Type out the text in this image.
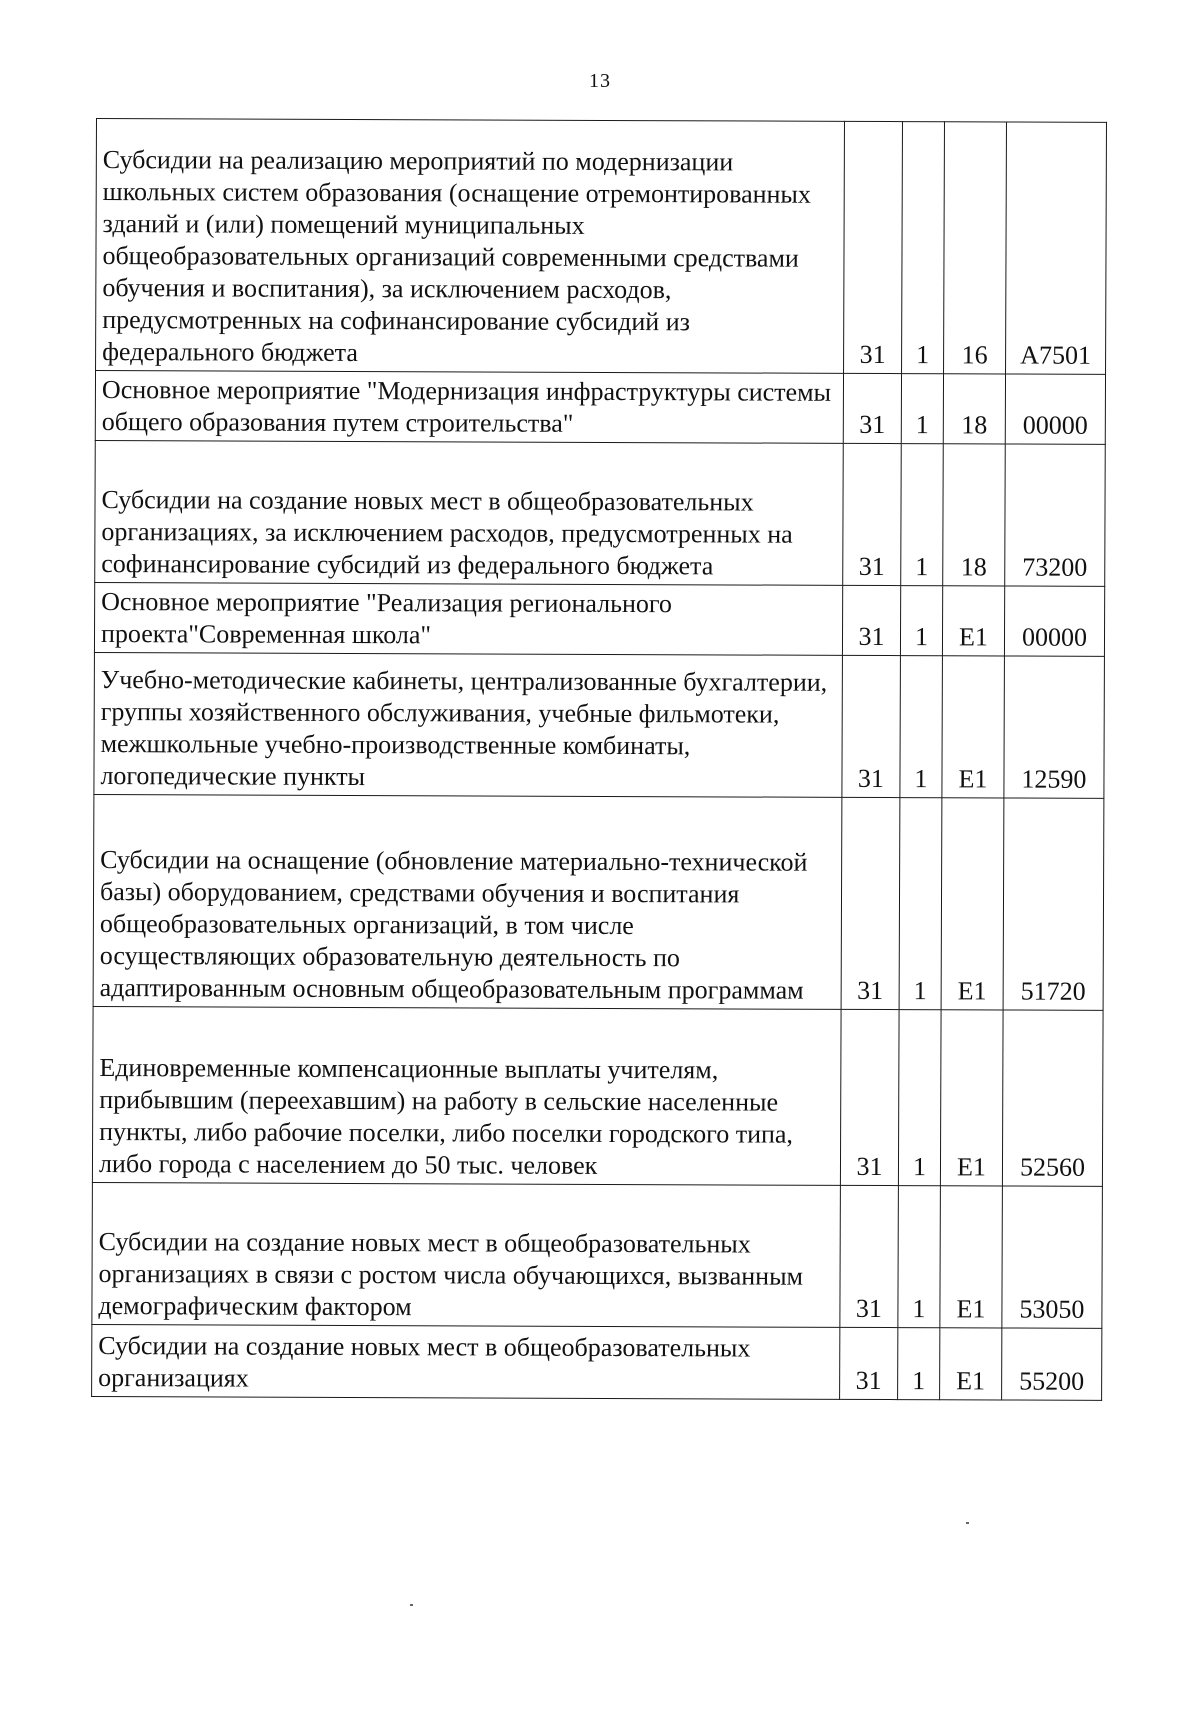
13
Субсидии на реализацию мероприятий по модернизации школьных систем образования (оснащение отремонтированных зданий и (или) помещений муниципальных общеобразовательных организаций современными средствами обучения и воспитания), за исключением расходов, предусмотренных на софинансирование субсидий из федерального бюджета	31	1	16	А7501
Основное мероприятие "Модернизация инфраструктуры системы общего образования путем строительства"	31	1	18	00000
Субсидии на создание новых мест в общеобразовательных организациях, за исключением расходов, предусмотренных на софинансирование субсидий из федерального бюджета	31	1	18	73200
Основное мероприятие "Реализация регионального проекта"Современная школа"	31	1	Е1	00000
Учебно-методические кабинеты, централизованные бухгалтерии, группы хозяйственного обслуживания, учебные фильмотеки, межшкольные учебно-производственные комбинаты, логопедические пункты	31	1	Е1	12590
Субсидии на оснащение (обновление материально-технической базы) оборудованием, средствами обучения и воспитания общеобразовательных организаций, в том числе осуществляющих образовательную деятельность по адаптированным основным общеобразовательным программам	31	1	Е1	51720
Единовременные компенсационные выплаты учителям, прибывшим (переехавшим) на работу в сельские населенные пункты, либо рабочие поселки, либо поселки городского типа, либо города с населением до 50 тыс. человек	31	1	Е1	52560
Субсидии на создание новых мест в общеобразовательных организациях в связи с ростом числа обучающихся, вызванным демографическим фактором	31	1	Е1	53050
Субсидии на создание новых мест в общеобразовательных организациях	31	1	Е1	55200
